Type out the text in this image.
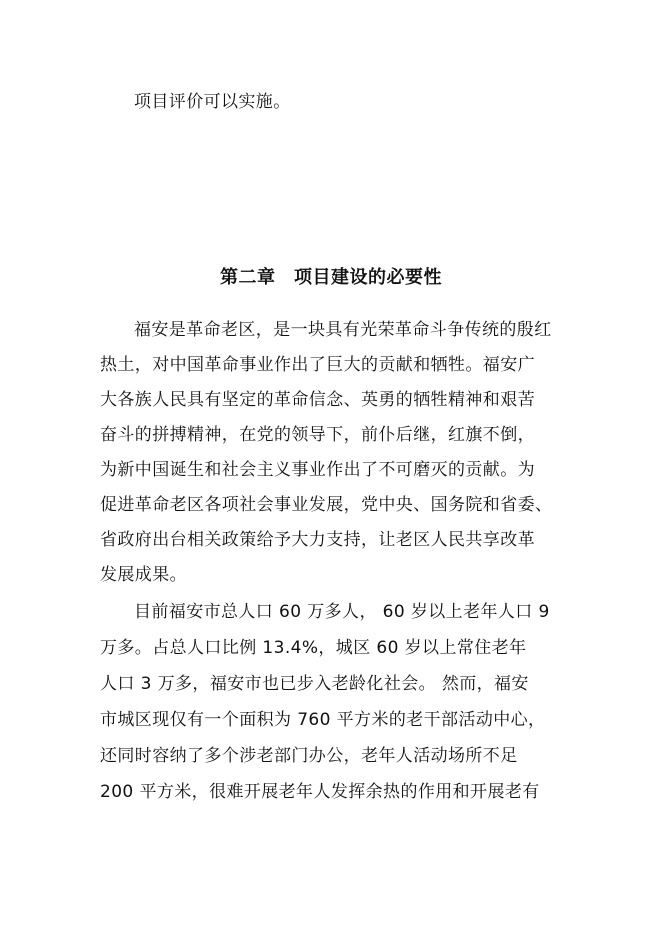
项目评价可以实施。
第二章　项目建设的必要性
福安是革命老区，是一块具有光荣革命斗争传统的殷红
热土，对中国革命事业作出了巨大的贡献和牺牲。福安广
大各族人民具有坚定的革命信念、英勇的牺牲精神和艰苦
奋斗的拼搏精神，在党的领导下，前仆后继，红旗不倒，
为新中国诞生和社会主义事业作出了不可磨灭的贡献。为
促进革命老区各项社会事业发展，党中央、国务院和省委、
省政府出台相关政策给予大力支持，让老区人民共享改革
发展成果。
目前福安市总人口 60 万多人， 60 岁以上老年人口 9
万多。占总人口比例 13.4%，城区 60 岁以上常住老年
人口 3 万多，福安市也已步入老龄化社会。 然而，福安
市城区现仅有一个面积为 760 平方米的老干部活动中心，
还同时容纳了多个涉老部门办公，老年人活动场所不足
200 平方米，很难开展老年人发挥余热的作用和开展老有
